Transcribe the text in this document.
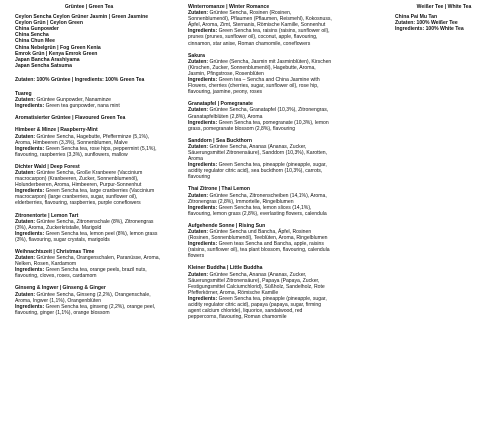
Grüntee | Green Tea

Ceylon Sencha Ceylon Grüner Jasmin | Green Jasmine Ceylon Grün | Ceylon Green

China Gunpowder

China Sencha

China Chun Mee

China Nebelgrün | Fog Green Kenia

Emrok Grün | Kenya Emrok Green

Japan Bancha Arashiyama

Japan Sencha Satsuma

Zutaten: 100% Grüntee | Ingredients: 100% Green Tea

Tuareg

Zutaten: Grüntee Gunpowder, Nanaminze

Ingredients: Green tea gunpowder, nana mint

Aromatisierter Grüntee | Flavoured Green Tea

Himbeer & Minze | Raspberry-Mint

Zutaten: Grüntee Sencha, Hagebutte, Pfefferminze (5,1%), Aroma, Himbeeren (3,3%), Sonnenblumen, Malve

Ingredients: Green Sencha tea, rose hips, peppermint (5,1%), flavouring, raspberries (3,3%), sunflowers, mallow

Dichter Wald | Deep Forest

Zutaten: Grüntee Sencha, Große Kranbeere (Vaccinium macrocarpon) (Kranbeeren, Zucker, Sonnenblumenöl), Holunderbeeren, Aroma, Himbeeren, Purpur-Sonnenhut

Ingredients: Green Sencha tea, large cranberries (Vaccinium macrocarpon) (large cranberries, sugar, sunflower oil), elderberries, flavouring, raspberries, purple coneflowers

Zitronentorte | Lemon Tart

Zutaten: Grüntee Sencha, Zitronenschale (8%), Zitronengras (3%), Aroma, Zuckerkristalle, Marigold

Ingredients: Green Sencha tea, lemon peel (8%), lemon grass (3%), flavouring, sugar crystals, marigolds

Weihnachtszeit | Christmas Time

Zutaten: Grüntee Sencha, Orangenschalen, Paranüsse, Aroma, Nelken, Rosen, Kardamom

Ingredients: Green Sencha tea, orange peels, brazil nuts, flavouring, cloves, roses, cardamom

Ginseng & Ingwer | Ginseng & Ginger

Zutaten: Grüntee Sencha, Ginseng (2,2%), Orangenschale, Aroma, Ingwer (1,1%), Orangenblüten

Ingredients: Green Sencha tea, ginseng (2,2%), orange peel, flavouring, ginger (1,1%), orange blossom

Winterromanze | Winter Romance

Zutaten: Grüntee Sencha, Rosinen (Rosinen, Sonnenblumenöl), Pflaumen (Pflaumen, Reismehl), Kokosnuss, Äpfel, Aroma, Zimt, Sternanis, Römische Kamille, Sonnenhut

Ingredients: Green Sencha tea, raisins (raisins, sunflower oil), prunes (prunes, sunflower oil), coconut, apple, flavouring, cinnamon, star anise, Roman chamomile, coneflowers

Sakura

Zutaten: Grüntee (Sencha, Jasmin mit Jasminblüten), Kirschen (Kirschen, Zucker, Sonnenblumenöl), Hagebutte, Aroma, Jasmin, Pfingstrose, Rosenblüten

Ingredients: Green tea – Sencha and China Jasmine with Flowers, cherries (cherries, sugar, sunflower oil), rose hip, flavouring, jasmine, peony, roses

Granatapfel | Pomegranate

Zutaten: Grüntee Sencha, Granatapfel (10,3%), Zitronengras, Granatapfelblüten (2,8%), Aroma

Ingredients: Green Sencha tea, pomegranate (10,3%), lemon grass, pomegranate blossom (2,8%), flavouring

Sanddorn | Sea Buckthorn

Zutaten: Grüntee Sencha, Ananas (Ananas, Zucker, Säuerungsmittel Zitronensäure), Sanddorn (10,3%), Karotten, Aroma

Ingredients: Green Sencha tea, pineapple (pineapple, sugar, acidity regulator citric acid), sea buckthorn (10,3%), carrots, flavouring

Thai Zitrone | Thai Lemon

Zutaten: Grüntee Sencha, Zitronenscheiben (14,1%), Aroma, Zitronengras (2,8%), Immortelle, Ringelblumen

Ingredients: Green Sencha tea, lemon slices (14,1%), flavouring, lemon grass (2,8%), everlasting flowers, calendula

Aufgehende Sonne | Rising Sun

Zutaten: Grüntee Sencha und Bancha, Äpfel, Rosinen (Rosinen, Sonnenblumenöl), Teeblüten, Aroma, Ringelblumen

Ingredients: Green teas Sencha and Bancha, apple, raisins (raisins, sunflower oil), tea plant blossom, flavouring, calendula flowers

Kleiner Buddha | Little Buddha

Zutaten: Grüntee Sencha, Ananas (Ananas, Zucker, Säuerungsmittel Zitronensäure), Papaya (Papaya, Zucker, Festigungsmittel Calciumchlorid), Süßholz, Sandelholz, Rote Pfefferkörner, Aroma, Römische Kamille

Ingredients: Green Sencha tea, pineapple (pineapple, sugar, acidity regulator citric acid), papaya (papaya, sugar, firming agent calcium chloride), liquorice, sandalwood, red peppercorns, flavouring, Roman chamomile

Weißer Tee | White Tea

China Pai Mu Tan

Zutaten: 100% Weißer Tee

Ingredients: 100% White Tea
